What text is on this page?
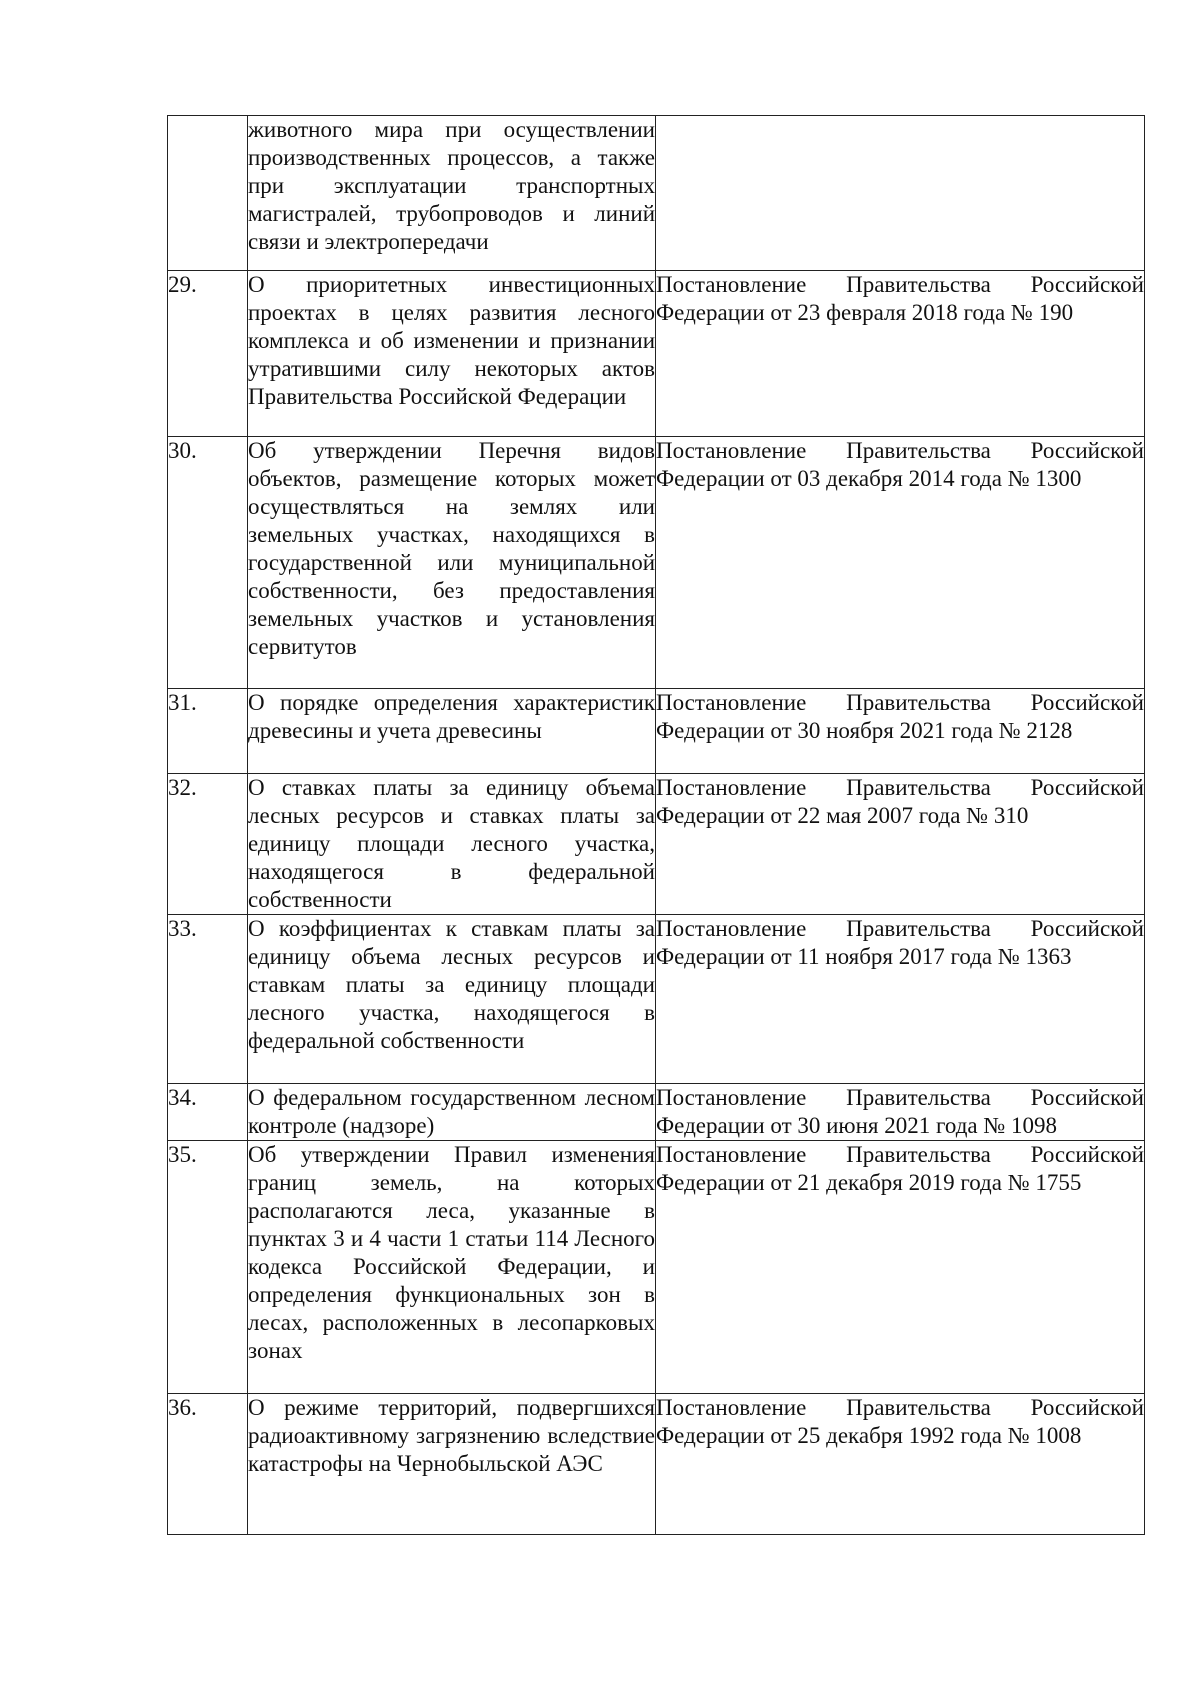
	животного мира при осуществлении производственных процессов, а также при эксплуатации транспортных магистралей, трубопроводов и линий связи и электропередачи	
29.	О приоритетных инвестиционных проектах в целях развития лесного комплекса и об изменении и признании утратившими силу некоторых актов Правительства Российской Федерации	Постановление Правительства Российской Федерации от 23 февраля 2018 года № 190
30.	Об утверждении Перечня видов объектов, размещение которых может осуществляться на землях или земельных участках, находящихся в государственной или муниципальной собственности, без предоставления земельных участков и установления сервитутов	Постановление Правительства Российской Федерации от 03 декабря 2014 года № 1300
31.	О порядке определения характеристик древесины и учета древесины	Постановление Правительства Российской Федерации от 30 ноября 2021 года № 2128
32.	О ставках платы за единицу объема лесных ресурсов и ставках платы за единицу площади лесного участка, находящегося в федеральной собственности	Постановление Правительства Российской Федерации от 22 мая 2007 года № 310
33.	О коэффициентах к ставкам платы за единицу объема лесных ресурсов и ставкам платы за единицу площади лесного участка, находящегося в федеральной собственности	Постановление Правительства Российской Федерации от 11 ноября 2017 года № 1363
34.	О федеральном государственном лесном контроле (надзоре)	Постановление Правительства Российской Федерации от 30 июня 2021 года № 1098
35.	Об утверждении Правил изменения границ земель, на которых располагаются леса, указанные в пунктах 3 и 4 части 1 статьи 114 Лесного кодекса Российской Федерации, и определения функциональных зон в лесах, расположенных в лесопарковых зонах	Постановление Правительства Российской Федерации от 21 декабря 2019 года № 1755
36.	О режиме территорий, подвергшихся радиоактивному загрязнению вследствие катастрофы на Чернобыльской АЭС	Постановление Правительства Российской Федерации от 25 декабря 1992 года № 1008
